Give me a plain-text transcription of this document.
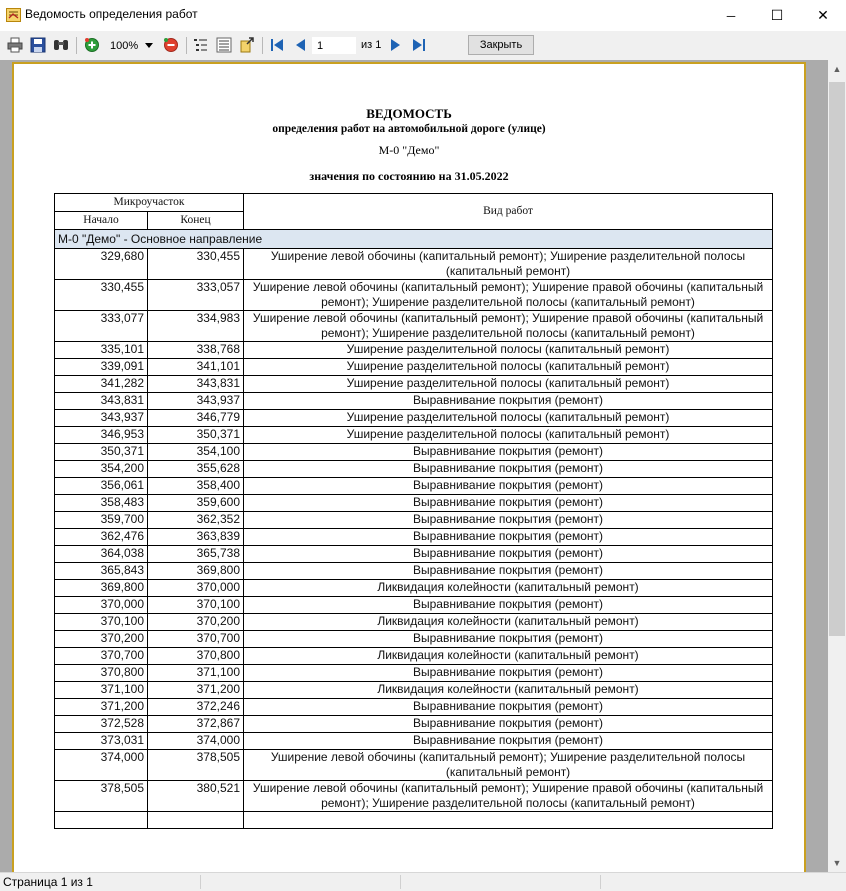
Ведомость определения работ	─	☐ ✕
100%
1	из 1	Закрыть
ВЕДОМОСТЬ
определения работ на автомобильной дороге (улице)
М-0 "Демо"
значения по состоянию на 31.05.2022
Микроучасток		Вид работ
Начало	Конец	
М-0 "Демо" - Основное направление		
329,680	330,455	Уширение левой обочины (капитальный ремонт); Уширение разделительной полосы (капитальный ремонт)
330,455	333,057	Уширение левой обочины (капитальный ремонт); Уширение правой обочины (капитальный ремонт); Уширение разделительной полосы (капитальный ремонт)
333,077	334,983	Уширение левой обочины (капитальный ремонт); Уширение правой обочины (капитальный ремонт); Уширение разделительной полосы (капитальный ремонт)
335,101	338,768	Уширение разделительной полосы (капитальный ремонт)
339,091	341,101	Уширение разделительной полосы (капитальный ремонт)
341,282	343,831	Уширение разделительной полосы (капитальный ремонт)
343,831	343,937	Выравнивание покрытия (ремонт)
343,937	346,779	Уширение разделительной полосы (капитальный ремонт)
346,953	350,371	Уширение разделительной полосы (капитальный ремонт)
350,371	354,100	Выравнивание покрытия (ремонт)
354,200	355,628	Выравнивание покрытия (ремонт)
356,061	358,400	Выравнивание покрытия (ремонт)
358,483	359,600	Выравнивание покрытия (ремонт)
359,700	362,352	Выравнивание покрытия (ремонт)
362,476	363,839	Выравнивание покрытия (ремонт)
364,038	365,738	Выравнивание покрытия (ремонт)
365,843	369,800	Выравнивание покрытия (ремонт)
369,800	370,000	Ликвидация колейности (капитальный ремонт)
370,000	370,100	Выравнивание покрытия (ремонт)
370,100	370,200	Ликвидация колейности (капитальный ремонт)
370,200	370,700	Выравнивание покрытия (ремонт)
370,700	370,800	Ликвидация колейности (капитальный ремонт)
370,800	371,100	Выравнивание покрытия (ремонт)
371,100	371,200	Ликвидация колейности (капитальный ремонт)
371,200	372,246	Выравнивание покрытия (ремонт)
372,528	372,867	Выравнивание покрытия (ремонт)
373,031	374,000	Выравнивание покрытия (ремонт)
374,000	378,505	Уширение левой обочины (капитальный ремонт); Уширение разделительной полосы (капитальный ремонт)
378,505	380,521	Уширение левой обочины (капитальный ремонт); Уширение правой обочины (капитальный ремонт); Уширение разделительной полосы (капитальный ремонт)

▲
▼
Страница 1 из 1
